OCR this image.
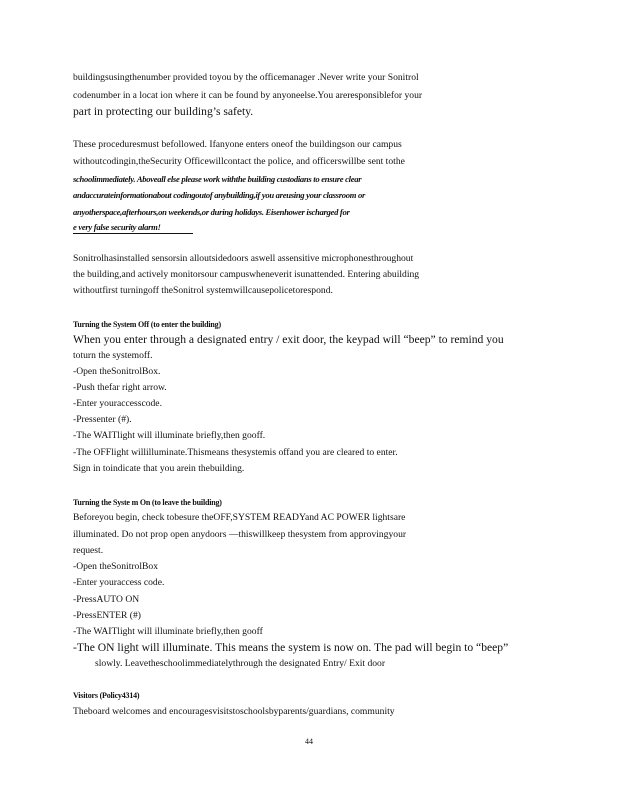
buildingsusingthenumber provided toyou by the officemanager .Never write your Sonitrol
codenumber in a locat ion where it can be found by anyoneelse.You areresponsiblefor your
part in protecting our building’s safety.
These proceduresmust befollowed. Ifanyone enters oneof the buildingson our campus
withoutcodingin,theSecurity Officewillcontact the police, and officerswillbe sent tothe
schoolimmediately. Aboveall else please work withthe building custodians to ensure clear
andaccurateinformationabout codingoutof anybuilding,if you areusing your classroom or
anyotherspace,afterhours,on weekends,or during holidays. Eisenhower ischarged for
e very false security alarm!
Sonitrolhasinstalled sensorsin alloutsidedoors aswell assensitive microphonesthroughout
the building,and actively monitorsour campuswheneverit isunattended. Entering abuilding
withoutfirst turningoff theSonitrol systemwillcausepolicetorespond.
Turning the System Off (to enter the building)
When you enter through a designated entry / exit door, the keypad will “beep” to remind you
toturn the systemoff.
-Open theSonitrolBox.
-Push thefar right arrow.
-Enter youraccesscode.
-Pressenter (#).
-The WAITlight will illuminate briefly,then gooff.
-The OFFlight willilluminate.Thismeans thesystemis offand you are cleared to enter.
Sign in toindicate that you arein thebuilding.
Turning the Syste m On (to leave the building)
Beforeyou begin, check tobesure theOFF,SYSTEM READYand AC POWER lightsare
illuminated. Do not prop open anydoors —thiswillkeep thesystem from approvingyour
request.
-Open theSonitrolBox
-Enter youraccess code.
-PressAUTO ON
-PressENTER (#)
-The WAITlight will illuminate briefly,then gooff
-The ON light will illuminate. This means the system is now on. The pad will begin to “beep”
slowly. Leavetheschoolimmediatelythrough the designated Entry/ Exit door
Visitors (Policy4314)
Theboard welcomes and encouragesvisitstoschoolsbyparents/guardians, community
44
